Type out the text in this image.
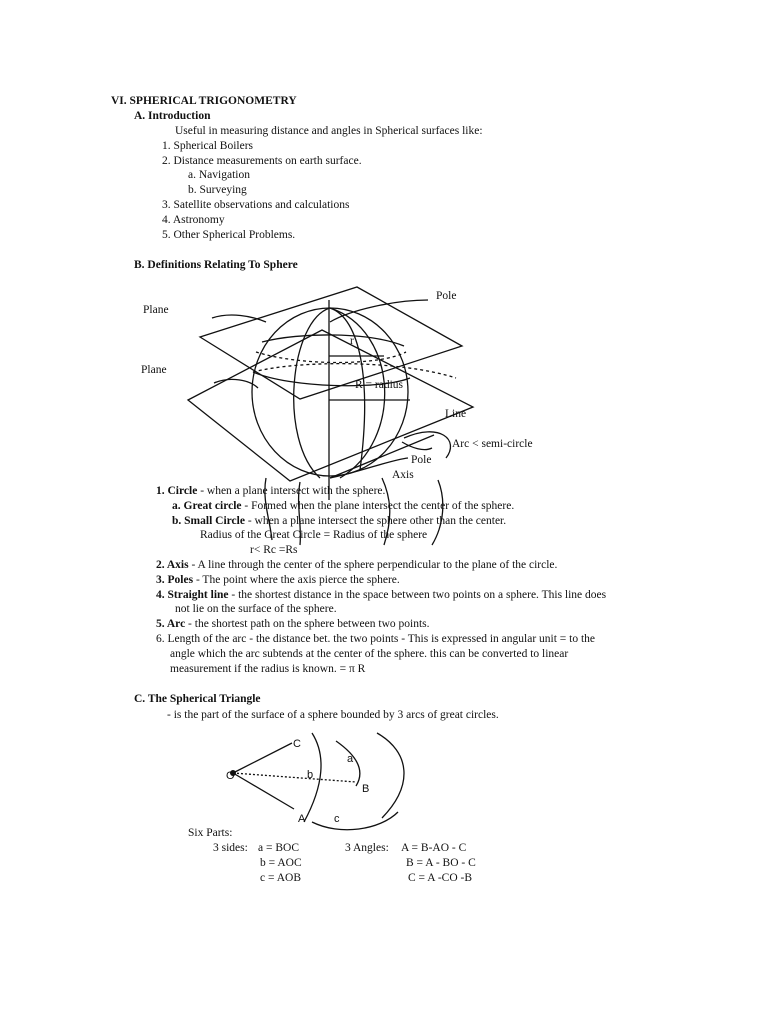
VI. SPHERICAL TRIGONOMETRY
A. Introduction
Useful in measuring distance and angles in Spherical surfaces like:
1. Spherical Boilers
2. Distance measurements on earth surface.
a. Navigation
b. Surveying
3. Satellite observations and calculations
4. Astronomy
5. Other Spherical Problems.
B. Definitions Relating To Sphere
Pole
Plane
Plane
r
R = radius
Line
Arc < semi-circle
Pole
Axis
1. Circle - when a plane intersect with the sphere.
a. Great circle - Formed when the plane intersect the center of the sphere.
b. Small Circle - when a plane intersect the sphere other than the center.
Radius of the Great Circle = Radius of the sphere
r< Rc =Rs
2. Axis - A line through the center of the sphere perpendicular to the plane of the circle.
3. Poles - The point where the axis pierce the sphere.
4. Straight line - the shortest distance in the space between two points on a sphere. This line does
not lie on the surface of the sphere.
5. Arc - the shortest path on the sphere between two points.
6. Length of the arc - the distance bet. the two points - This is expressed in angular unit = to the
angle which the arc subtends at the center of the sphere. this can be converted to linear
measurement if the radius is known. = π R
C. The Spherical Triangle
- is the part of the surface of a sphere bounded by 3 arcs of great circles.
C
a
O	b
B
A	c
Six Parts:
3 sides: a = BOC
b = AOC
c = AOB
3 Angles: A = B-AO - C
B = A - BO - C
C = A -CO -B
